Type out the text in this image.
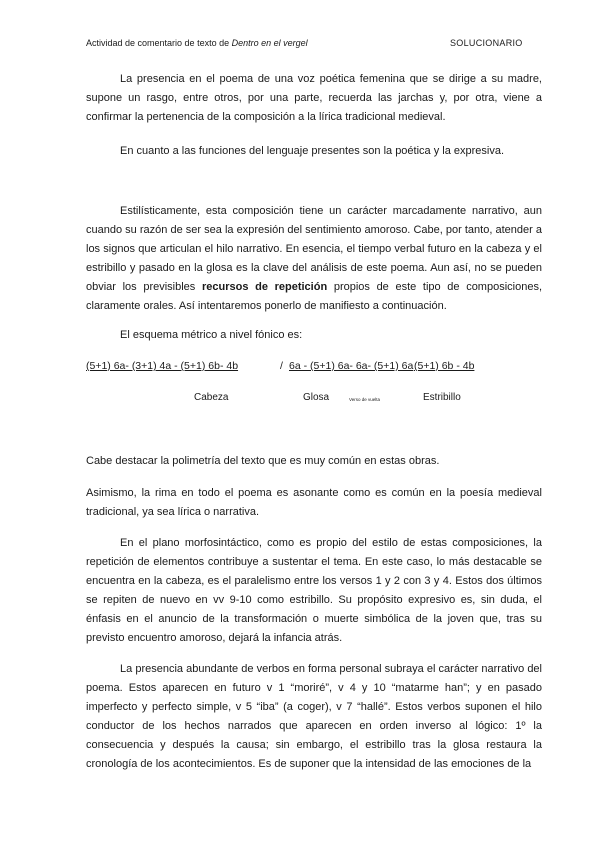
Actividad de comentario de texto de Dentro en el vergel	SOLUCIONARIO

La presencia en el poema de una voz poética femenina que se dirige a su madre, supone un rasgo, entre otros, por una parte, recuerda las jarchas y, por otra, viene a confirmar la pertenencia de la composición a la lírica tradicional medieval.

En cuanto a las funciones del lenguaje presentes son la poética y la expresiva.

Estilísticamente, esta composición tiene un carácter marcadamente narrativo, aun cuando su razón de ser sea la expresión del sentimiento amoroso. Cabe, por tanto, atender a los signos que articulan el hilo narrativo. En esencia, el tiempo verbal futuro en la cabeza y el estribillo y pasado en la glosa es la clave del análisis de este poema. Aun así, no se pueden obviar los previsibles recursos de repetición propios de este tipo de composiciones, claramente orales. Así intentaremos ponerlo de manifiesto a continuación.

El esquema métrico a nivel fónico es:

(5+1) 6a- (3+1) 4a - (5+1) 6b- 4b	/ 6a - (5+1) 6a- 6a- (5+1) 6a (5+1) 6b - 4b
Cabeza	Glosa	Verso de vuelta	Estribillo

Cabe destacar la polimetría del texto que es muy común en estas obras.

Asimismo, la rima en todo el poema es asonante como es común en la poesía medieval tradicional, ya sea lírica o narrativa.

En el plano morfosintáctico, como es propio del estilo de estas composiciones, la repetición de elementos contribuye a sustentar el tema. En este caso, lo más destacable se encuentra en la cabeza, es el paralelismo entre los versos 1 y 2 con 3 y 4. Estos dos últimos se repiten de nuevo en vv 9-10 como estribillo. Su propósito expresivo es, sin duda, el énfasis en el anuncio de la transformación o muerte simbólica de la joven que, tras su previsto encuentro amoroso, dejará la infancia atrás.

La presencia abundante de verbos en forma personal subraya el carácter narrativo del poema. Estos aparecen en futuro v 1 “moriré”, v 4 y 10 “matarme han”; y en pasado imperfecto y perfecto simple, v 5 “iba” (a coger), v 7 “hallé”. Estos verbos suponen el hilo conductor de los hechos narrados que aparecen en orden inverso al lógico: 1º la consecuencia y después la causa; sin embargo, el estribillo tras la glosa restaura la cronología de los acontecimientos. Es de suponer que la intensidad de las emociones de la
